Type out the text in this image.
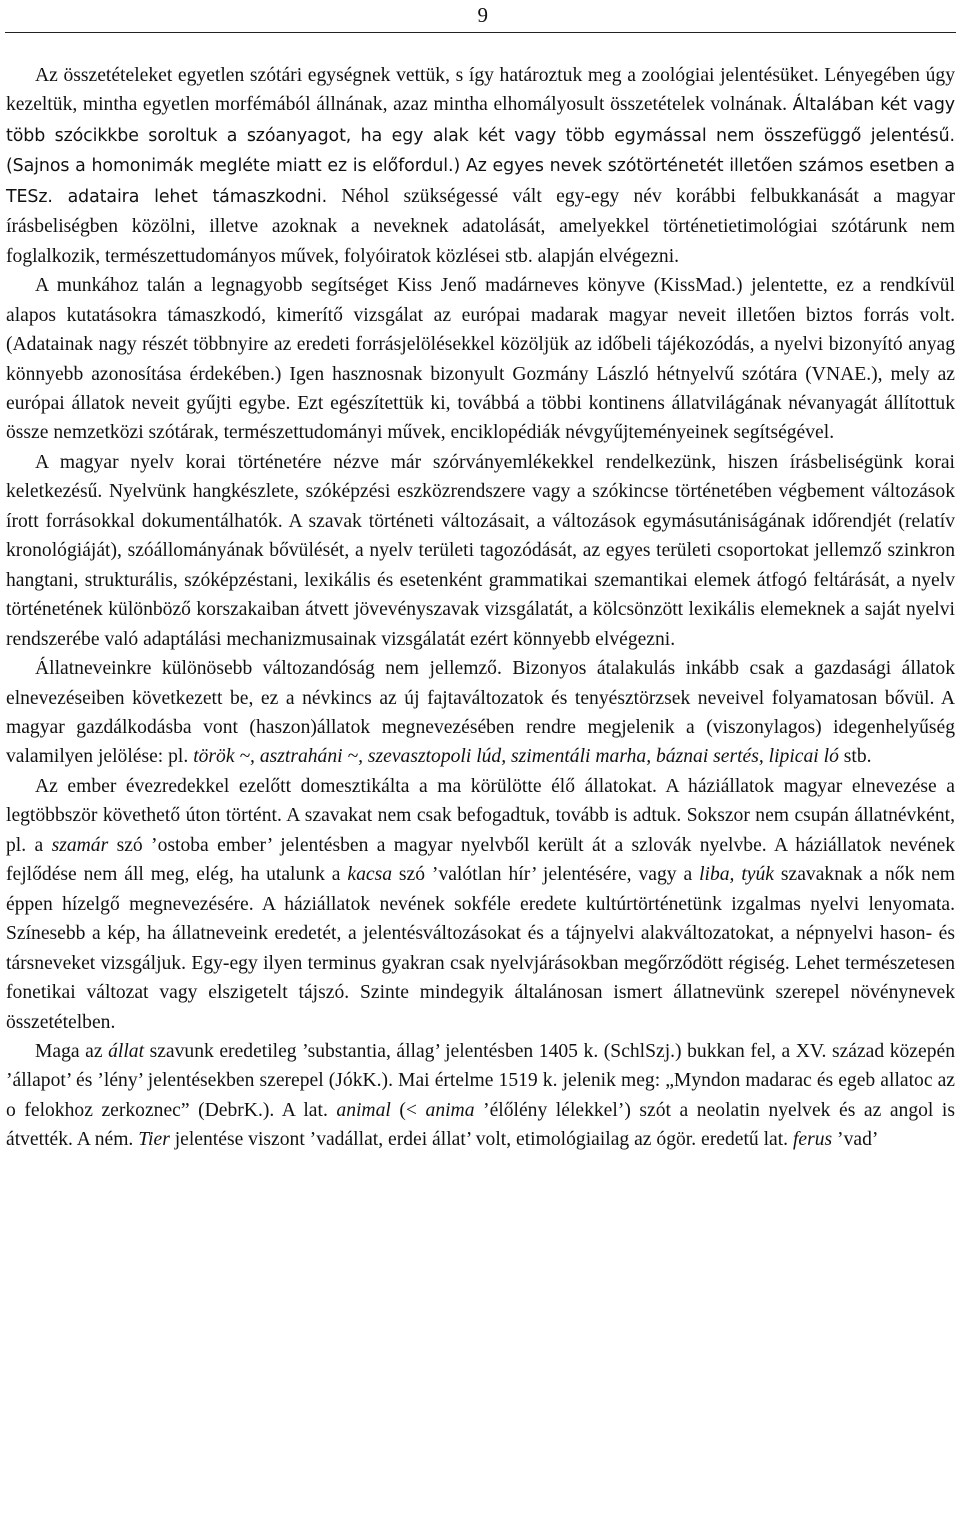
9

Az összetételeket egyetlen szótári egységnek vettük, s így határoztuk meg a zoológiai jelentésüket. Lényegében úgy kezeltük, mintha egyetlen morfémából állnának, azaz mintha elhomályosult összetételek volnának. Általában két vagy több szócikkbe soroltuk a szóanyagot, ha egy alak két vagy több egymással nem összefüggő jelentésű. (Sajnos a homonimák megléte miatt ez is előfordul.) Az egyes nevek szótörténetét illetően számos esetben a TESz. adataira lehet támaszkodni. Néhol szükségessé vált egy-egy név korábbi felbukkanását a magyar írásbeliségben közölni, illetve azoknak a neveknek adatolását, amelyekkel történetietimológiai szótárunk nem foglalkozik, természettudományos művek, folyóiratok közlései stb. alapján elvégezni.

A munkához talán a legnagyobb segítséget Kiss Jenő madárneves könyve (KissMad.) jelentette, ez a rendkívül alapos kutatásokra támaszkodó, kimerítő vizsgálat az európai madarak magyar neveit illetően biztos forrás volt. (Adatainak nagy részét többnyire az eredeti forrásjelölésekkel közöljük az időbeli tájékozódás, a nyelvi bizonyító anyag könnyebb azonosítása érdekében.) Igen hasznosnak bizonyult Gozmány László hétnyelvű szótára (VNAE.), mely az európai állatok neveit gyűjti egybe. Ezt egészítettük ki, továbbá a többi kontinens állatvilágának névanyagát állítottuk össze nemzetközi szótárak, természettudományi művek, enciklopédiák névgyűjteményeinek segítségével.

A magyar nyelv korai történetére nézve már szórványemlékekkel rendelkezünk, hiszen írásbeliségünk korai keletkezésű. Nyelvünk hangkészlete, szóképzési eszközrendszere vagy a szókincse történetében végbement változások írott forrásokkal dokumentálhatók. A szavak történeti változásait, a változások egymásutániságának időrendjét (relatív kronológiáját), szóállományának bővülését, a nyelv területi tagozódását, az egyes területi csoportokat jellemző szinkron hangtani, strukturális, szóképzéstani, lexikális és esetenként grammatikai szemantikai elemek átfogó feltárását, a nyelv történetének különböző korszakaiban átvett jövevényszavak vizsgálatát, a kölcsönzött lexikális elemeknek a saját nyelvi rendszerébe való adaptálási mechanizmusainak vizsgálatát ezért könnyebb elvégezni.

Állatneveinkre különösebb változandóság nem jellemző. Bizonyos átalakulás inkább csak a gazdasági állatok elnevezéseiben következett be, ez a névkincs az új fajtaváltozatok és tenyésztörzsek neveivel folyamatosan bővül. A magyar gazdálkodásba vont (haszon)állatok megnevezésében rendre megjelenik a (viszonylagos) idegenhelyűség valamilyen jelölése: pl. török ~, asztraháni ~, szevasztopoli lúd, szimentáli marha, báznai sertés, lipicai ló stb.

Az ember évezredekkel ezelőtt domesztikálta a ma körülötte élő állatokat. A háziállatok magyar elnevezése a legtöbbször követhető úton történt. A szavakat nem csak befogadtuk, tovább is adtuk. Sokszor nem csupán állatnévként, pl. a szamár szó ’ostoba ember’ jelentésben a magyar nyelvből került át a szlovák nyelvbe. A háziállatok nevének fejlődése nem áll meg, elég, ha utalunk a kacsa szó ’valótlan hír’ jelentésére, vagy a liba, tyúk szavaknak a nők nem éppen hízelgő megnevezésére. A háziállatok nevének sokféle eredete kultúrtörténetünk izgalmas nyelvi lenyomata. Színesebb a kép, ha állatneveink eredetét, a jelentésváltozásokat és a tájnyelvi alakváltozatokat, a népnyelvi hason- és társneveket vizsgáljuk. Egy-egy ilyen terminus gyakran csak nyelvjárásokban megőrződött régiség. Lehet természetesen fonetikai változat vagy elszigetelt tájszó. Szinte mindegyik általánosan ismert állatnevünk szerepel növénynevek összetételben.

Maga az állat szavunk eredetileg ’substantia, állag’ jelentésben 1405 k. (SchlSzj.) bukkan fel, a XV. század közepén ’állapot’ és ’lény’ jelentésekben szerepel (JókK.). Mai értelme 1519 k. jelenik meg: „Myndon madarac és egeb allatoc az o felokhoz zerkoznec” (DebrK.). A lat. animal (< anima ’élőlény lélekkel’) szót a neolatin nyelvek és az angol is átvették. A ném. Tier jelentése viszont ’vadállat, erdei állat’ volt, etimológiailag az ógör. eredetű lat. ferus ’vad’
